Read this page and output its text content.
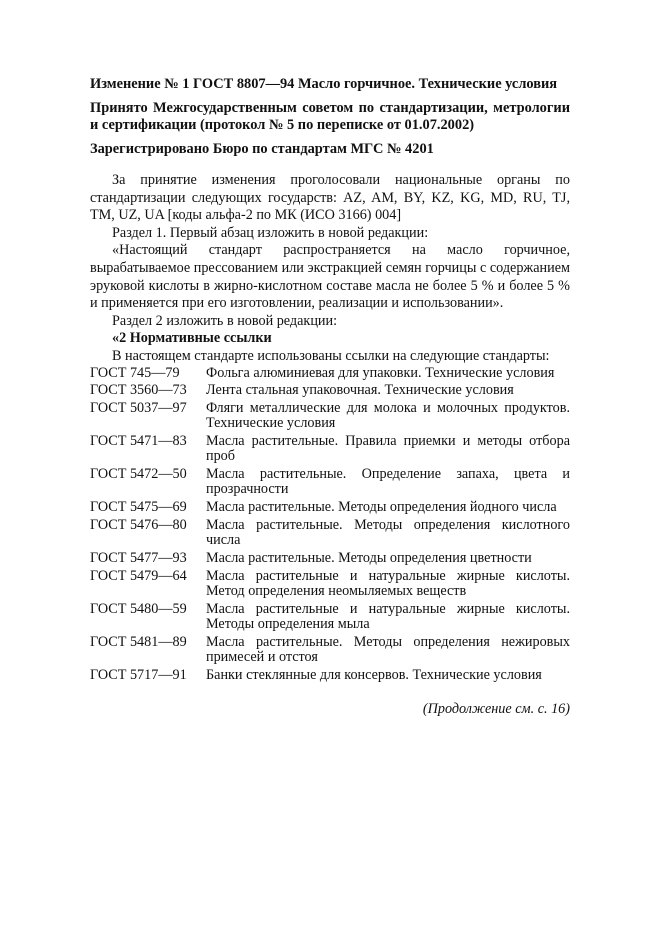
Изменение № 1 ГОСТ 8807—94 Масло горчичное. Технические условия

Принято Межгосударственным советом по стандартизации, метрологии и сертификации (протокол № 5 по переписке от 01.07.2002)

Зарегистрировано Бюро по стандартам МГС № 4201

За принятие изменения проголосовали национальные органы по стандартизации следующих государств: AZ, AM, BY, KZ, KG, MD, RU, TJ, TM, UZ, UA [коды альфа-2 по МК (ИСО 3166) 004]

Раздел 1. Первый абзац изложить в новой редакции:

«Настоящий стандарт распространяется на масло горчичное, вырабатываемое прессованием или экстракцией семян горчицы с содержанием эруковой кислоты в жирно-кислотном составе масла не более 5 % и более 5 % и применяется при его изготовлении, реализации и использовании».

Раздел 2 изложить в новой редакции:

«2 Нормативные ссылки

В настоящем стандарте использованы ссылки на следующие стандарты:

ГОСТ 745—79	Фольга алюминиевая для упаковки. Технические условия
ГОСТ 3560—73	Лента стальная упаковочная. Технические условия
ГОСТ 5037—97	Фляги металлические для молока и молочных продуктов. Технические условия
ГОСТ 5471—83	Масла растительные. Правила приемки и методы отбора проб
ГОСТ 5472—50	Масла растительные. Определение запаха, цвета и прозрачности
ГОСТ 5475—69	Масла растительные. Методы определения йодного числа
ГОСТ 5476—80	Масла растительные. Методы определения кислотного числа
ГОСТ 5477—93	Масла растительные. Методы определения цветности
ГОСТ 5479—64	Масла растительные и натуральные жирные кислоты. Метод определения неомыляемых веществ
ГОСТ 5480—59	Масла растительные и натуральные жирные кислоты. Методы определения мыла
ГОСТ 5481—89	Масла растительные. Методы определения нежировых примесей и отстоя
ГОСТ 5717—91	Банки стеклянные для консервов. Технические условия

(Продолжение см. с. 16)
